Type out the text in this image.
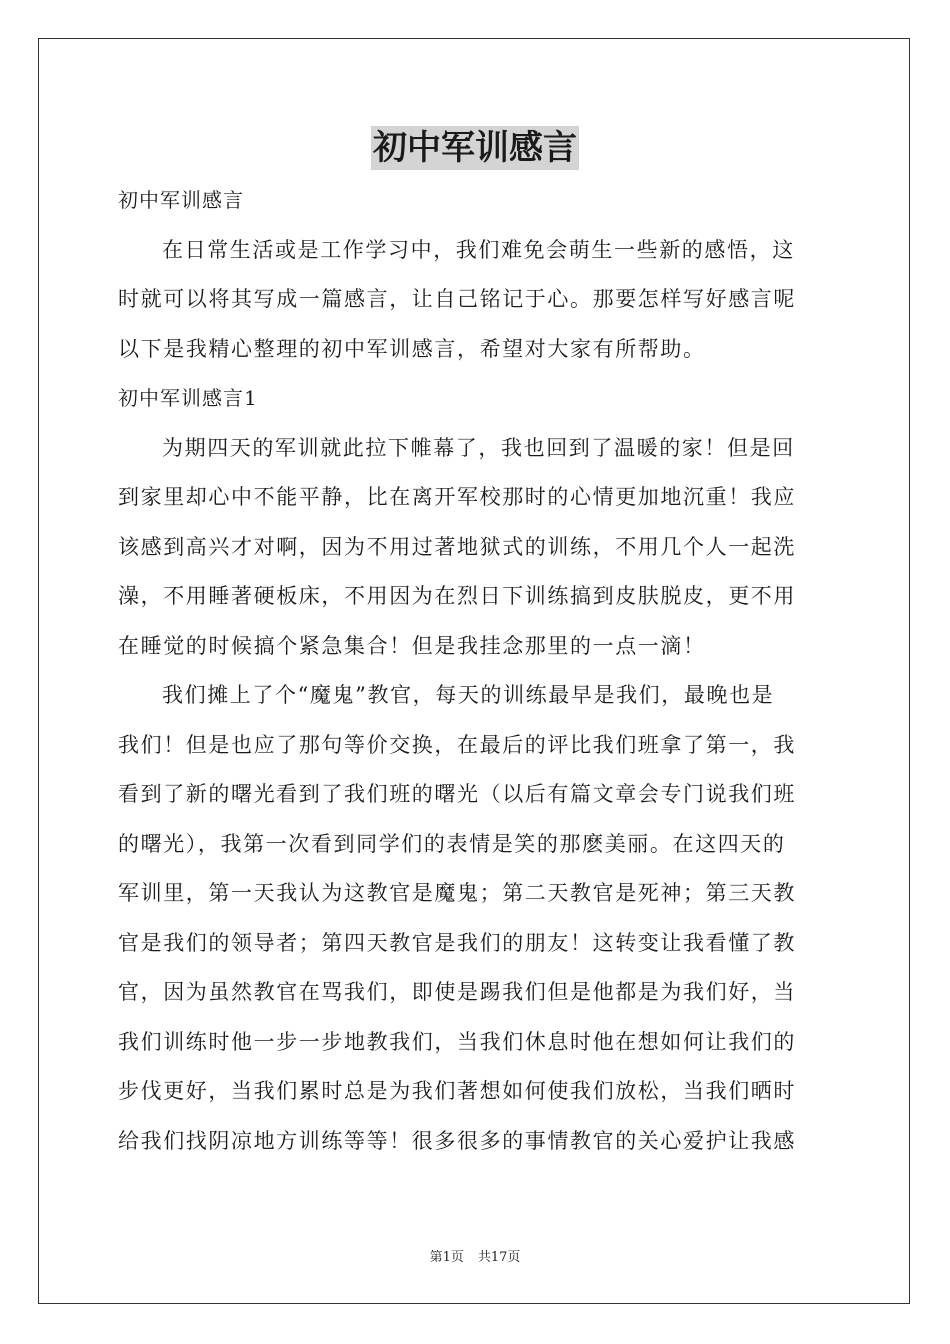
初中军训感言
初中军训感言
在日常生活或是工作学习中，我们难免会萌生一些新的感悟，这
时就可以将其写成一篇感言，让自己铭记于心。那要怎样写好感言呢
以下是我精心整理的初中军训感言，希望对大家有所帮助。
初中军训感言1
为期四天的军训就此拉下帷幕了，我也回到了温暖的家！但是回
到家里却心中不能平静，比在离开军校那时的心情更加地沉重！我应
该感到高兴才对啊，因为不用过著地狱式的训练，不用几个人一起洗
澡，不用睡著硬板床，不用因为在烈日下训练搞到皮肤脱皮，更不用
在睡觉的时候搞个紧急集合！但是我挂念那里的一点一滴！
我们摊上了个“魔鬼”教官，每天的训练最早是我们，最晚也是
我们！但是也应了那句等价交换，在最后的评比我们班拿了第一，我
看到了新的曙光看到了我们班的曙光（以后有篇文章会专门说我们班
的曙光），我第一次看到同学们的表情是笑的那麽美丽。在这四天的
军训里，第一天我认为这教官是魔鬼；第二天教官是死神；第三天教
官是我们的领导者；第四天教官是我们的朋友！这转变让我看懂了教
官，因为虽然教官在骂我们，即使是踢我们但是他都是为我们好，当
我们训练时他一步一步地教我们，当我们休息时他在想如何让我们的
步伐更好，当我们累时总是为我们著想如何使我们放松，当我们晒时
给我们找阴凉地方训练等等！很多很多的事情教官的关心爱护让我感
第1页 共17页
